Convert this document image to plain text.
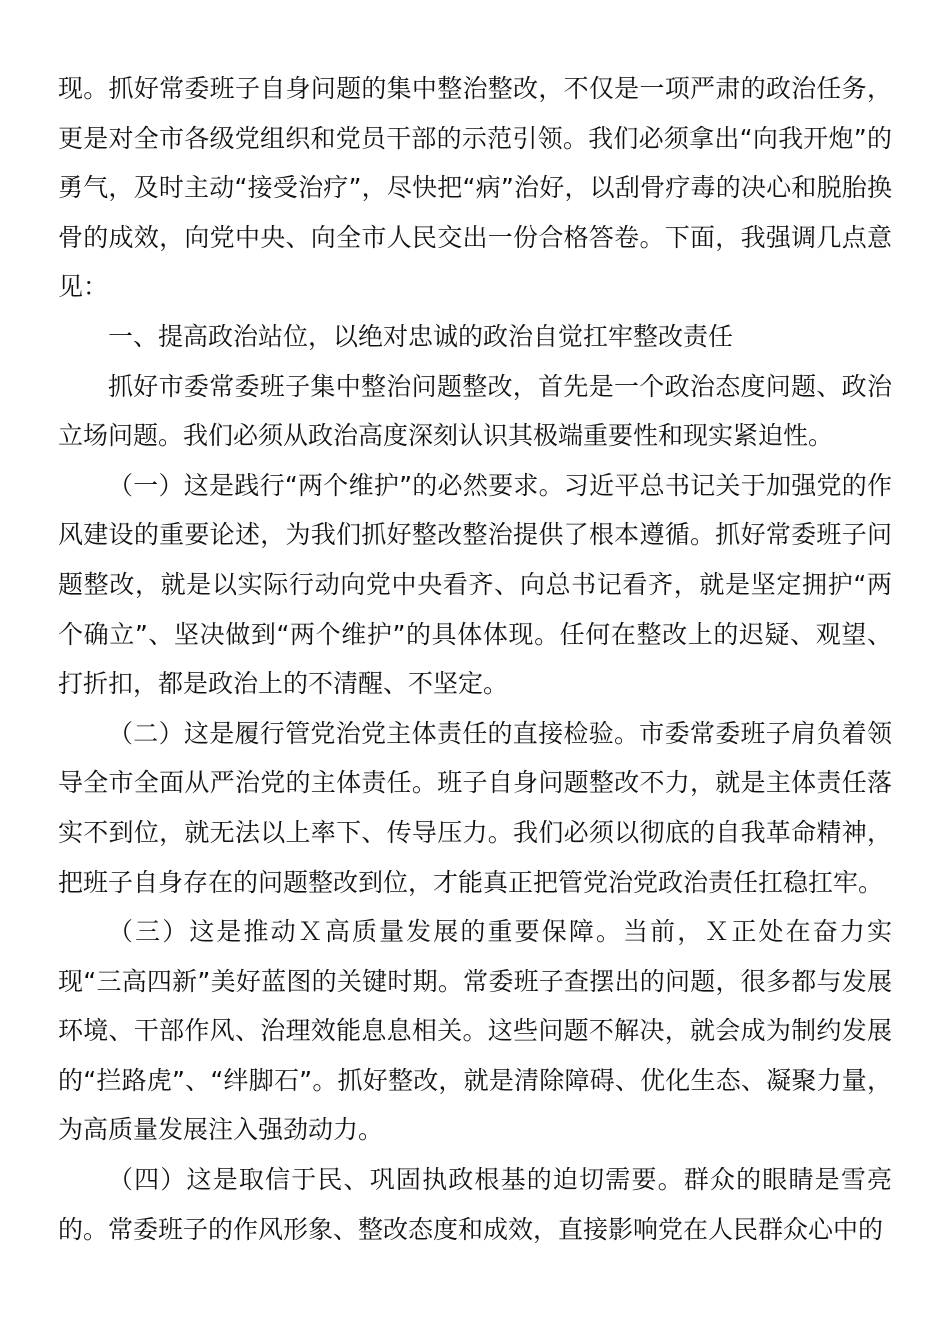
现。抓好常委班子自身问题的集中整治整改，不仅是一项严肃的政治任务，更是对全市各级党组织和党员干部的示范引领。我们必须拿出“向我开炮”的勇气，及时主动“接受治疗”，尽快把“病”治好，以刮骨疗毒的决心和脱胎换骨的成效，向党中央、向全市人民交出一份合格答卷。下面，我强调几点意见：

一、提高政治站位，以绝对忠诚的政治自觉扛牢整改责任

抓好市委常委班子集中整治问题整改，首先是一个政治态度问题、政治立场问题。我们必须从政治高度深刻认识其极端重要性和现实紧迫性。

（一）这是践行“两个维护”的必然要求。习近平总书记关于加强党的作风建设的重要论述，为我们抓好整改整治提供了根本遵循。抓好常委班子问题整改，就是以实际行动向党中央看齐、向总书记看齐，就是坚定拥护“两个确立”、坚决做到“两个维护”的具体体现。任何在整改上的迟疑、观望、打折扣，都是政治上的不清醒、不坚定。

（二）这是履行管党治党主体责任的直接检验。市委常委班子肩负着领导全市全面从严治党的主体责任。班子自身问题整改不力，就是主体责任落实不到位，就无法以上率下、传导压力。我们必须以彻底的自我革命精神，把班子自身存在的问题整改到位，才能真正把管党治党政治责任扛稳扛牢。

（三）这是推动Ｘ高质量发展的重要保障。当前，Ｘ正处在奋力实现“三高四新”美好蓝图的关键时期。常委班子查摆出的问题，很多都与发展环境、干部作风、治理效能息息相关。这些问题不解决，就会成为制约发展的“拦路虎”、“绊脚石”。抓好整改，就是清除障碍、优化生态、凝聚力量，为高质量发展注入强劲动力。

（四）这是取信于民、巩固执政根基的迫切需要。群众的眼睛是雪亮的。常委班子的作风形象、整改态度和成效，直接影响党在人民群众心中的
